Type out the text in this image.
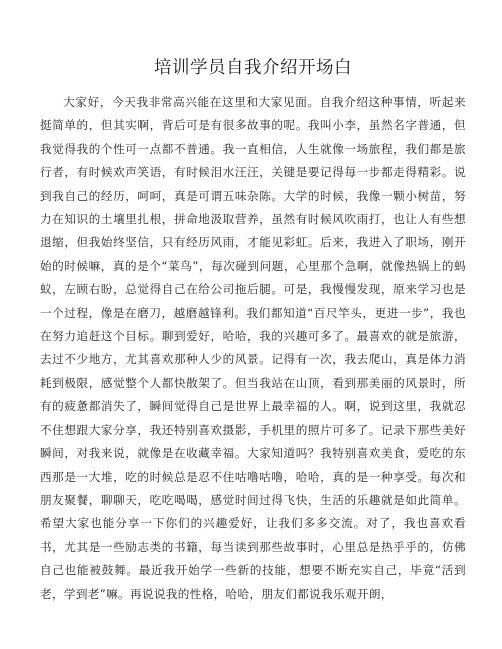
培训学员自我介绍开场白

大家好，今天我非常高兴能在这里和大家见面。自我介绍这种事情，听起来挺简单的，但其实啊，背后可是有很多故事的呢。我叫小李，虽然名字普通，但我觉得我的个性可一点都不普通。我一直相信，人生就像一场旅程，我们都是旅行者，有时候欢声笑语，有时候泪水汪汪，关键是要记得每一步都走得精彩。说到我自己的经历，呵呵，真是可谓五味杂陈。大学的时候，我像一颗小树苗，努力在知识的土壤里扎根，拼命地汲取营养，虽然有时候风吹雨打，也让人有些想退缩，但我始终坚信，只有经历风雨，才能见彩虹。后来，我进入了职场，刚开始的时候嘛，真的是个“菜鸟”，每次碰到问题，心里那个急啊，就像热锅上的蚂蚁，左顾右盼，总觉得自己在给公司拖后腿。可是，我慢慢发现，原来学习也是一个过程，像是在磨刀，越磨越锋利。我们都知道“百尺竿头，更进一步”，我也在努力追赶这个目标。聊到爱好，哈哈，我的兴趣可多了。最喜欢的就是旅游，去过不少地方，尤其喜欢那种人少的风景。记得有一次，我去爬山，真是体力消耗到极限，感觉整个人都快散架了。但当我站在山顶，看到那美丽的风景时，所有的疲惫都消失了，瞬间觉得自己是世界上最幸福的人。啊，说到这里，我就忍不住想跟大家分享，我还特别喜欢摄影，手机里的照片可多了。记录下那些美好瞬间，对我来说，就像是在收藏幸福。大家知道吗？我特别喜欢美食，爱吃的东西那是一大堆，吃的时候总是忍不住咕噜咕噜，哈哈，真的是一种享受。每次和朋友聚餐，聊聊天，吃吃喝喝，感觉时间过得飞快，生活的乐趣就是如此简单。希望大家也能分享一下你们的兴趣爱好，让我们多多交流。对了，我也喜欢看书，尤其是一些励志类的书籍，每当读到那些故事时，心里总是热乎乎的，仿佛自己也能被鼓舞。最近我开始学一些新的技能，想要不断充实自己，毕竟“活到老，学到老”嘛。再说说我的性格，哈哈，朋友们都说我乐观开朗，
